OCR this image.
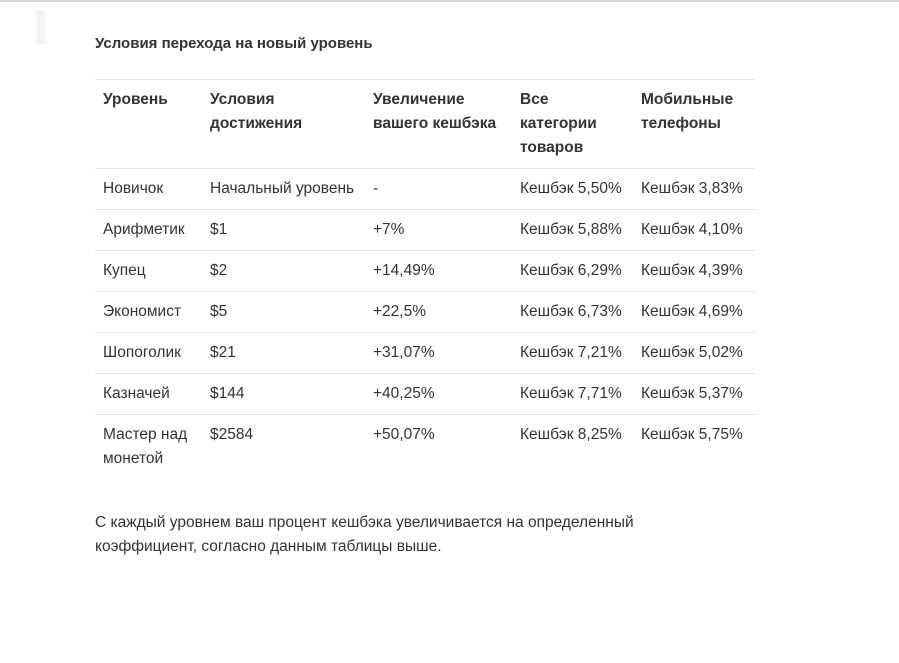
Условия перехода на новый уровень
Уровень	Условия достижения	Увеличение вашего кешбэка	Все категории товаров	Мобильные телефоны
Новичок	Начальный уровень	-	Кешбэк 5,50%	Кешбэк 3,83%
Арифметик	$1	+7%	Кешбэк 5,88%	Кешбэк 4,10%
Купец	$2	+14,49%	Кешбэк 6,29%	Кешбэк 4,39%
Экономист	$5	+22,5%	Кешбэк 6,73%	Кешбэк 4,69%
Шопоголик	$21	+31,07%	Кешбэк 7,21%	Кешбэк 5,02%
Казначей	$144	+40,25%	Кешбэк 7,71%	Кешбэк 5,37%
Мастер над монетой	$2584	+50,07%	Кешбэк 8,25%	Кешбэк 5,75%

С каждый уровнем ваш процент кешбэка увеличивается на определенный коэффициент, согласно данным таблицы выше.
